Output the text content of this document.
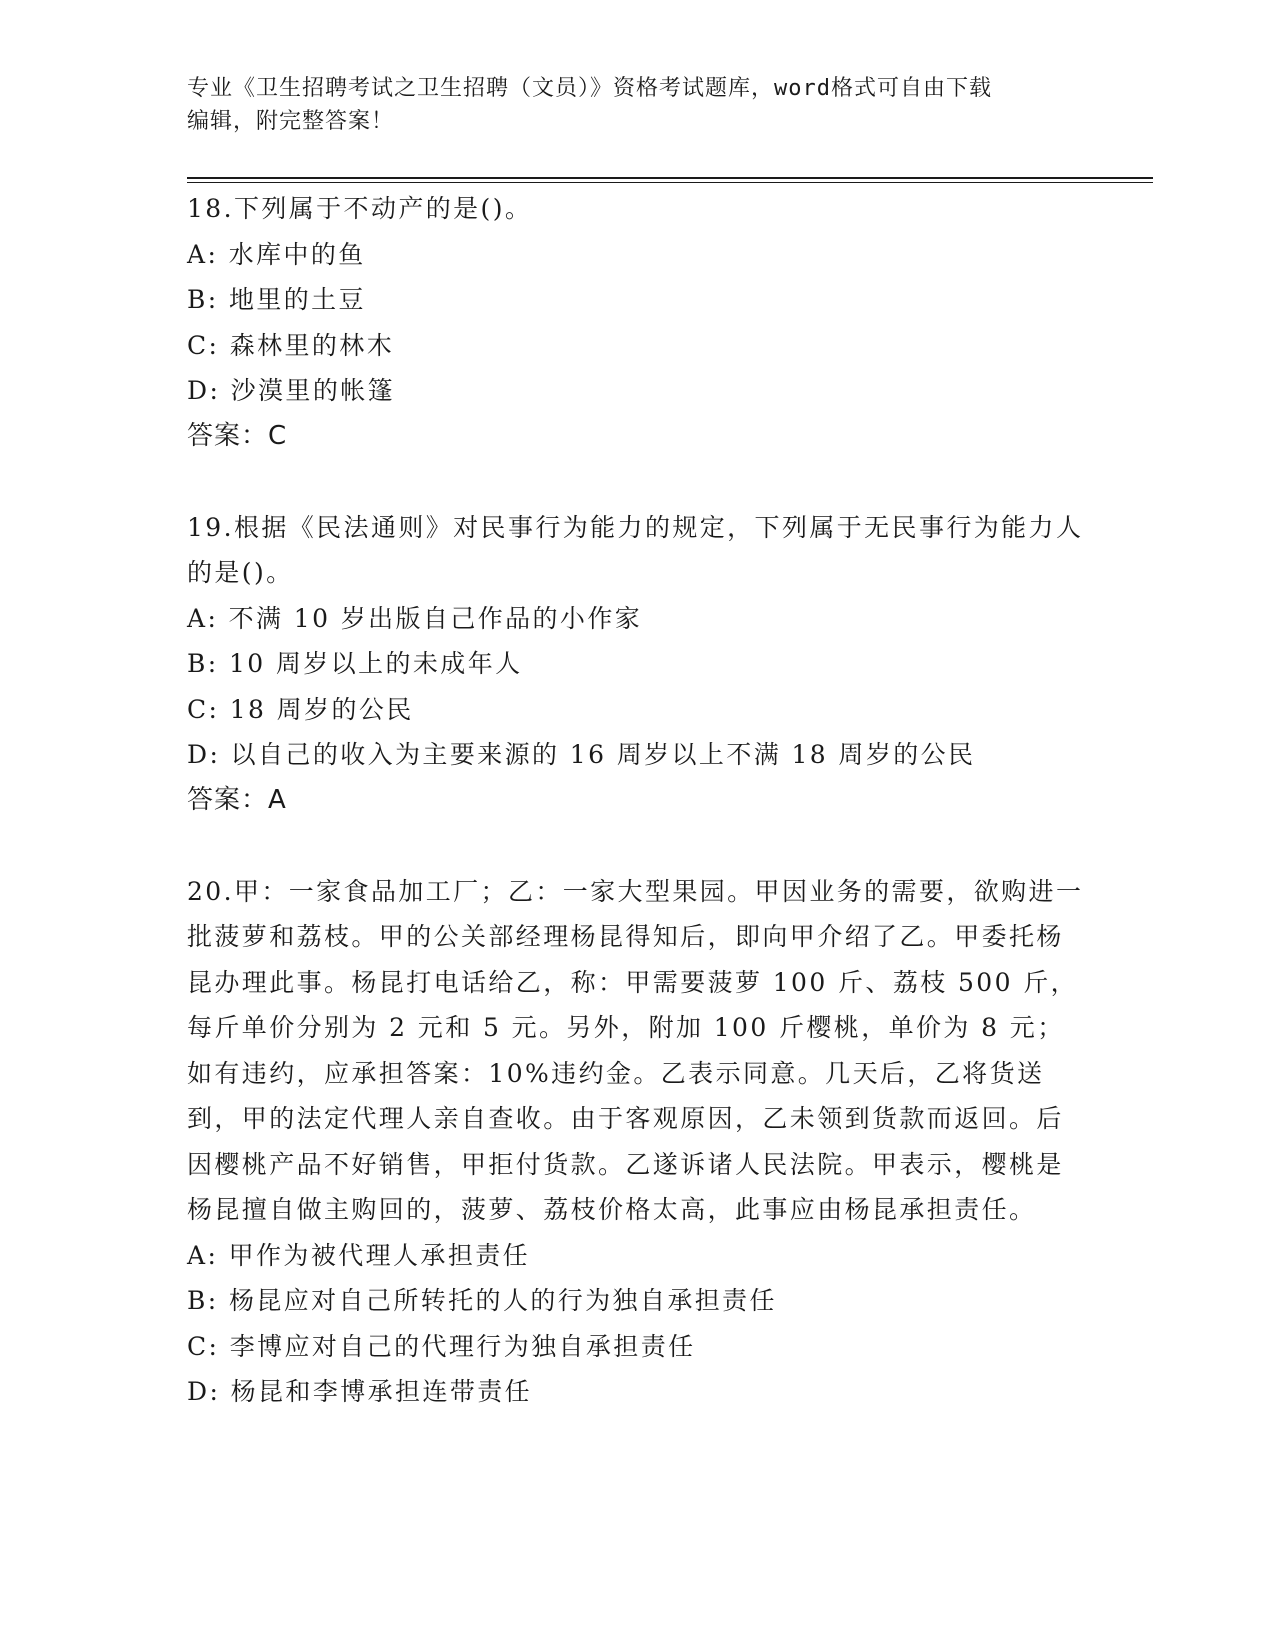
专业《卫生招聘考试之卫生招聘（文员）》资格考试题库，word格式可自由下载
编辑，附完整答案！
18.下列属于不动产的是()。
A: 水库中的鱼
B: 地里的土豆
C: 森林里的林木
D: 沙漠里的帐篷
答案：C
19.根据《民法通则》对民事行为能力的规定，下列属于无民事行为能力人的是()。
A: 不满 10 岁出版自己作品的小作家
B: 10 周岁以上的未成年人
C: 18 周岁的公民
D: 以自己的收入为主要来源的 16 周岁以上不满 18 周岁的公民
答案：A
20.甲：一家食品加工厂；乙：一家大型果园。甲因业务的需要，欲购进一批菠萝和荔枝。甲的公关部经理杨昆得知后，即向甲介绍了乙。甲委托杨昆办理此事。杨昆打电话给乙，称：甲需要菠萝 100 斤、荔枝 500 斤，每斤单价分别为 2 元和 5 元。另外，附加 100 斤樱桃，单价为 8 元；如有违约，应承担答案：10%违约金。乙表示同意。几天后，乙将货送到，甲的法定代理人亲自查收。由于客观原因，乙未领到货款而返回。后因樱桃产品不好销售，甲拒付货款。乙遂诉诸人民法院。甲表示，樱桃是杨昆擅自做主购回的，菠萝、荔枝价格太高，此事应由杨昆承担责任。
A: 甲作为被代理人承担责任
B: 杨昆应对自己所转托的人的行为独自承担责任
C: 李博应对自己的代理行为独自承担责任
D: 杨昆和李博承担连带责任
